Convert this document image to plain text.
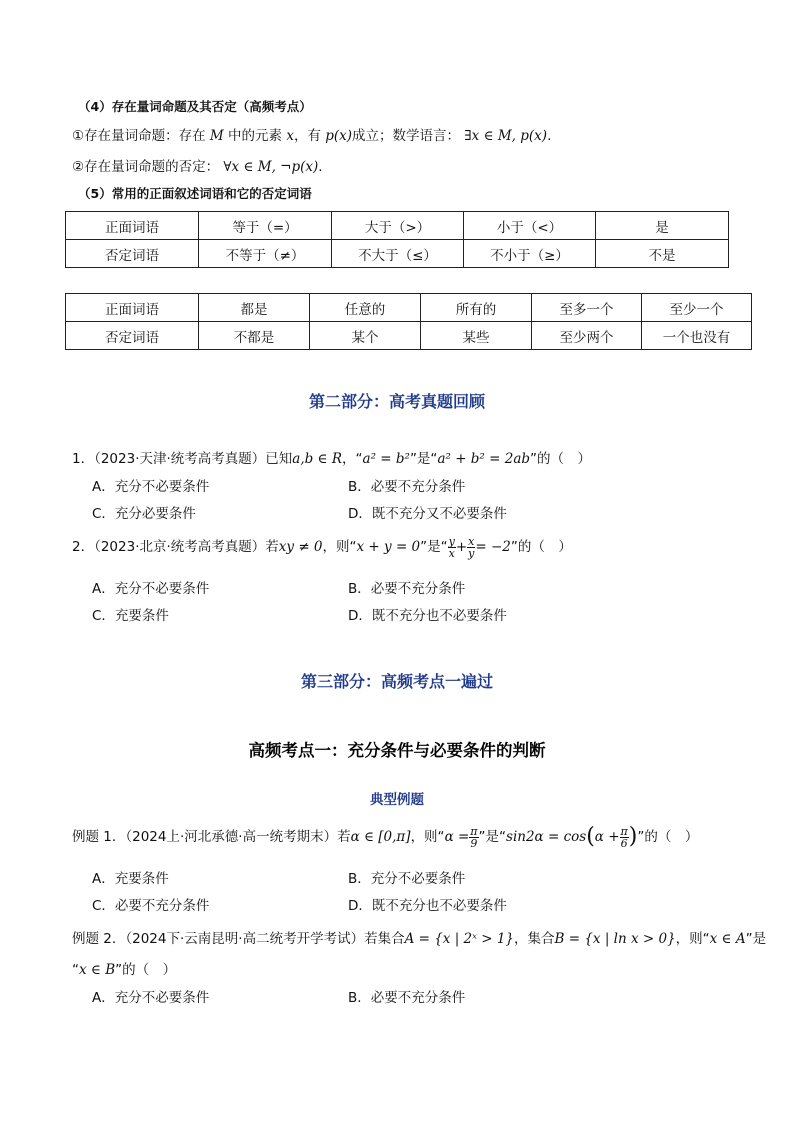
（4）存在量词命题及其否定（高频考点）
①存在量词命题：存在 M 中的元素 x，有 p(x)成立；数学语言： ∃x ∈ M, p(x).
②存在量词命题的否定： ∀x ∈ M, ¬p(x).
（5）常用的正面叙述词语和它的否定词语
正面词语	等于（=）	大于（>）	小于（<）	是
否定词语	不等于（≠）	不大于（≤）	不小于（≥）	不是
正面词语	都是	任意的	所有的	至多一个	至少一个
否定词语	不都是	某个	某些	至少两个	一个也没有
第二部分：高考真题回顾
1．（2023·天津·统考高考真题）已知a,b ∈ R，“a² = b²”是“a² + b² = 2ab”的（　）
A．充分不必要条件	B．必要不充分条件
C．充分必要条件	D．既不充分又不必要条件
2．（2023·北京·统考高考真题）若xy ≠ 0，则“x + y = 0”是“ $\frac{y}{x} + \frac{x}{y} = -2$”的（　）
A．充分不必要条件	B．必要不充分条件
C．充要条件	D．既不充分也不必要条件
第三部分：高频考点一遍过
高频考点一：充分条件与必要条件的判断
典型例题
例题 1．（2024上·河北承德·高一统考期末）若α ∈ [0,π]，则“$\alpha = \frac{\pi}{9}$ ”是“$\sin 2\alpha = \cos(\alpha + \frac{\pi}{6}$ )”的（　）
A．充要条件	B．充分不必要条件
C．必要不充分条件	D．既不充分也不必要条件
例题 2．（2024下·云南昆明·高二统考开学考试）若集合A = {x | 2ˣ > 1}，集合B = {x | ln x > 0}，则“x ∈ A”是
“x ∈ B”的（　）
A．充分不必要条件	B．必要不充分条件
